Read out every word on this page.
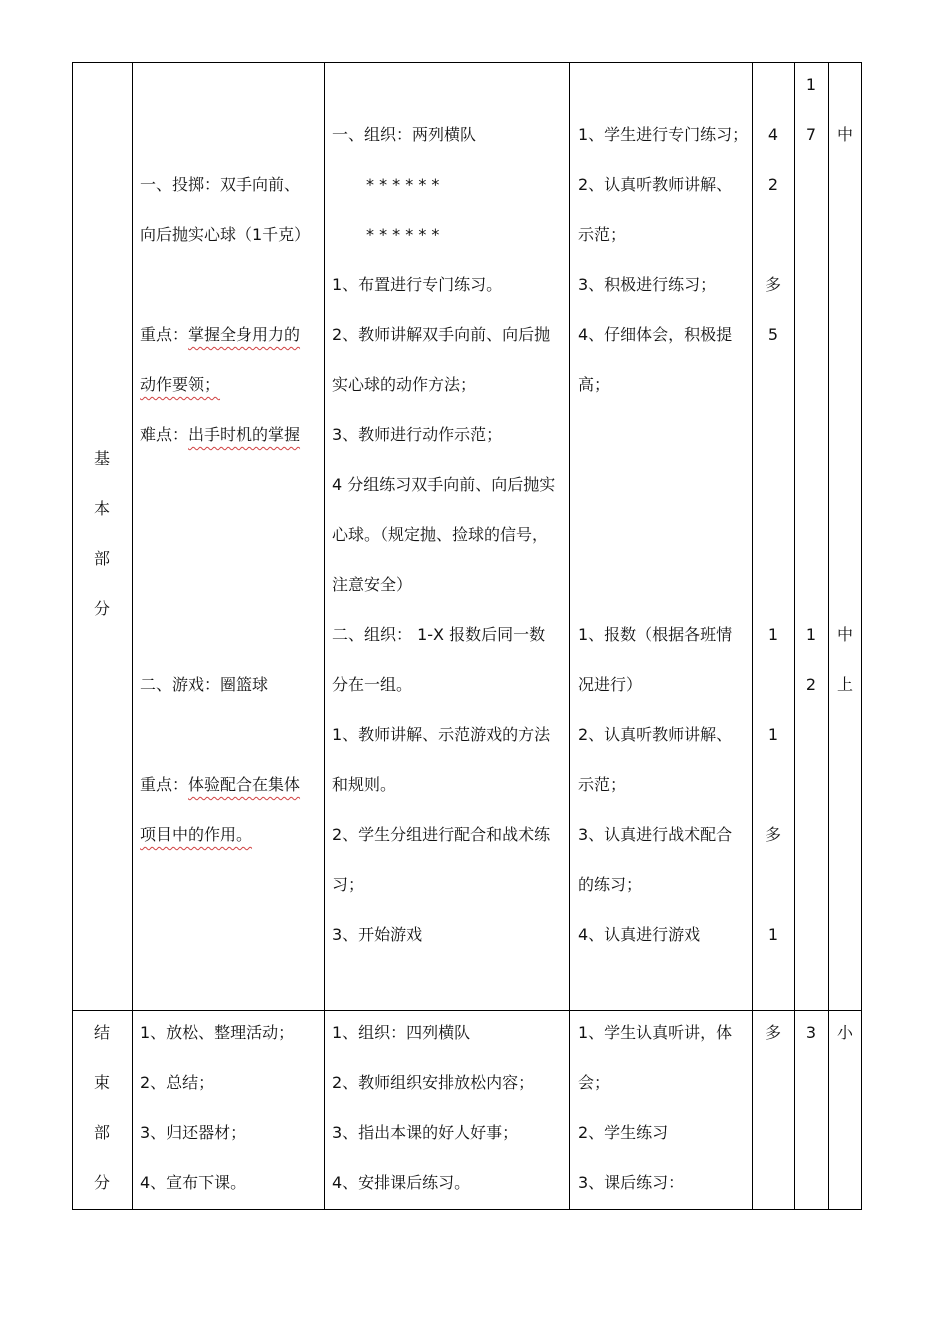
基
本
部
分
一、投掷：双手向前、
向后抛实心球（1千克）
重点：掌握全身用力的
动作要领；
难点：出手时机的掌握
二、游戏：圈篮球
重点：体验配合在集体
项目中的作用。
一、组织：两列横队
* * * * * *
* * * * * *
1、布置进行专门练习。
2、教师讲解双手向前、向后抛
实心球的动作方法；
3、教师进行动作示范；
4 分组练习双手向前、向后抛实
心球。（规定抛、捡球的信号，
注意安全）
二、组织： 1-X 报数后同一数
分在一组。
1、教师讲解、示范游戏的方法
和规则。
2、学生分组进行配合和战术练
习；
3、开始游戏
1、学生进行专门练习；
2、认真听教师讲解、
示范；
3、积极进行练习；
4、仔细体会，积极提
高；
1、报数（根据各班情
况进行）
2、认真听教师讲解、
示范；
3、认真进行战术配合
的练习；
4、认真进行游戏
4
2
多
5
1
1
多
1
1
7
1
2
中
中
上
结
束
部
分
1、放松、整理活动；
2、总结；
3、归还器材；
4、宣布下课。
1、组织：四列横队
2、教师组织安排放松内容；
3、指出本课的好人好事；
4、安排课后练习。
1、学生认真听讲，体
会；
2、学生练习
3、课后练习：
多	3	小
